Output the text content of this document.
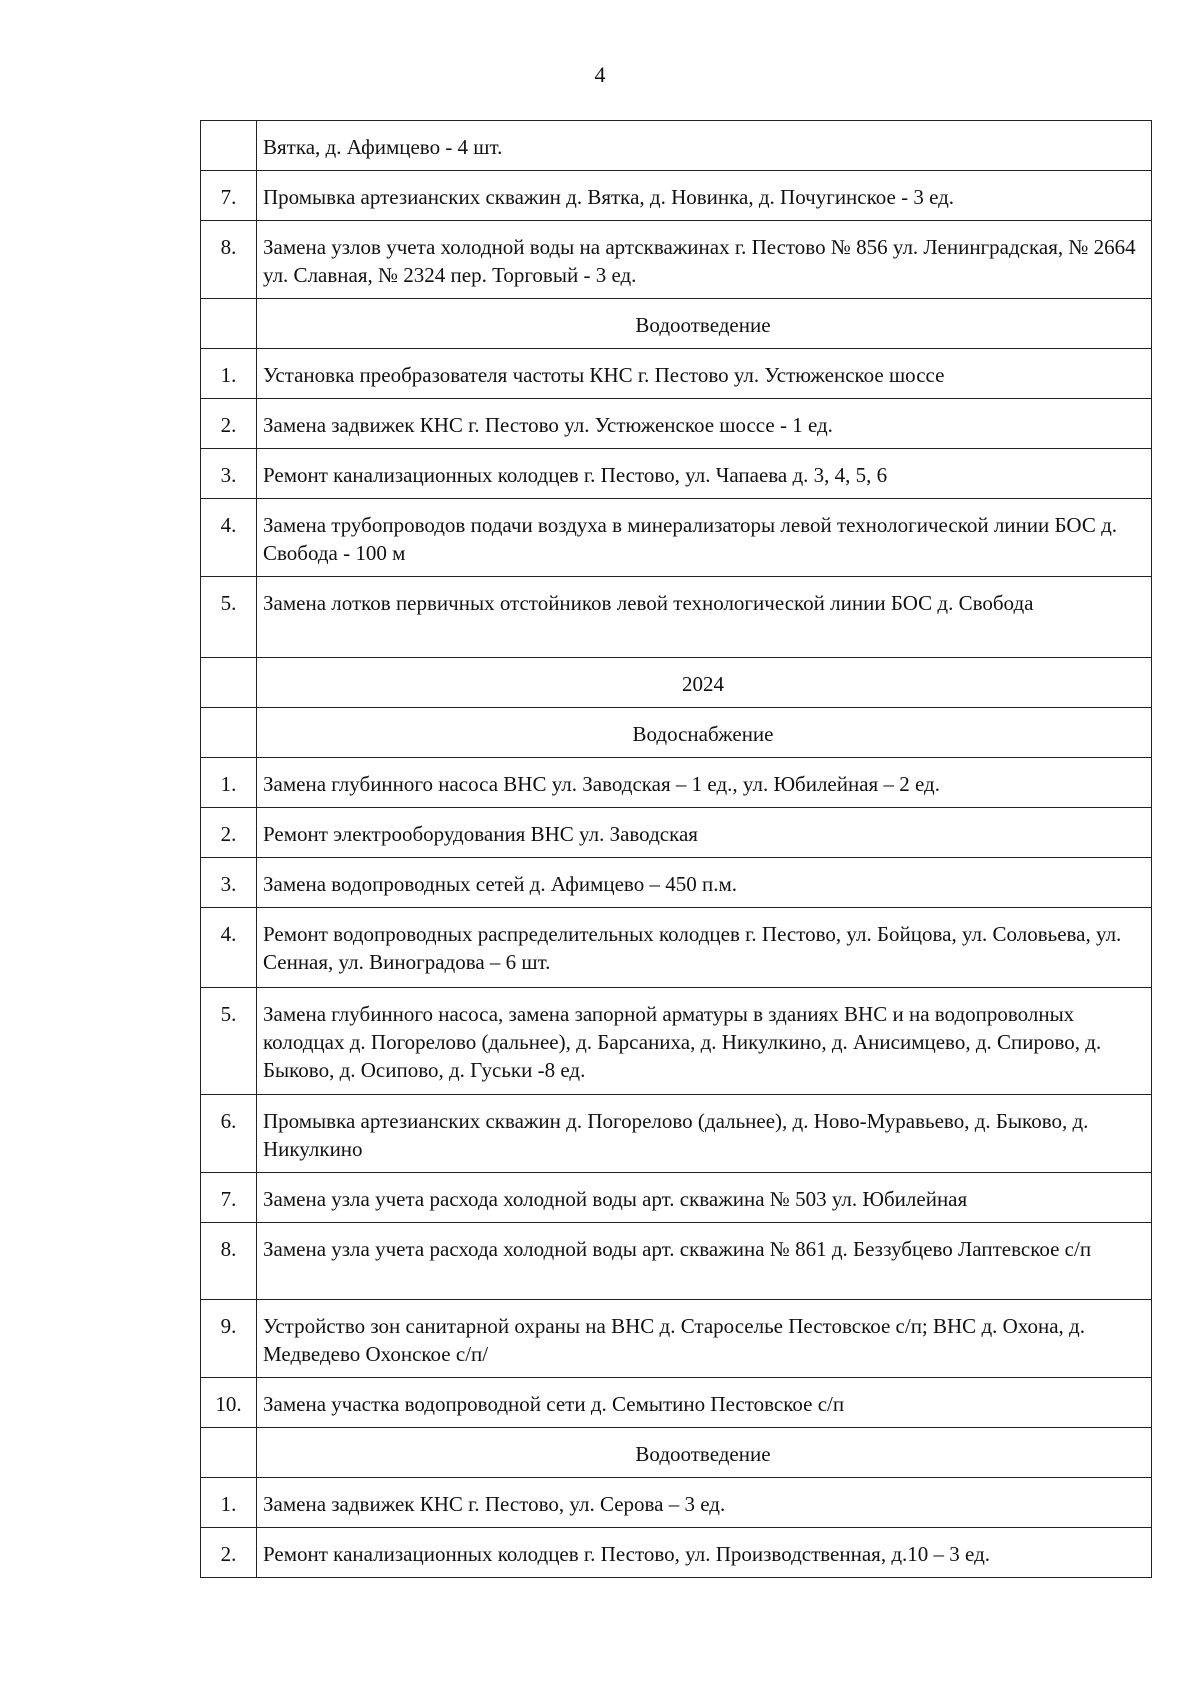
4
	Вятка, д. Афимцево - 4 шт.
7.	Промывка артезианских скважин д. Вятка, д. Новинка, д. Почугинское - 3 ед.
8.	Замена узлов учета холодной воды на артскважинах г. Пестово № 856 ул. Ленинградская, № 2664 ул. Славная, № 2324 пер. Торговый - 3 ед.
	Водоотведение
1.	Установка преобразователя частоты КНС г. Пестово ул. Устюженское шоссе
2.	Замена задвижек КНС г. Пестово ул. Устюженское шоссе - 1 ед.
3.	Ремонт канализационных колодцев г. Пестово, ул. Чапаева д. 3, 4, 5, 6
4.	Замена трубопроводов подачи воздуха в минерализаторы левой технологической линии БОС д. Свобода - 100 м
5.	Замена лотков первичных отстойников левой технологической линии БОС д. Свобода
	2024
	Водоснабжение
1.	Замена глубинного насоса ВНС ул. Заводская – 1 ед., ул. Юбилейная – 2 ед.
2.	Ремонт электрооборудования ВНС ул. Заводская
3.	Замена водопроводных сетей д. Афимцево – 450 п.м.
4.	Ремонт водопроводных распределительных колодцев г. Пестово, ул. Бойцова, ул. Соловьева, ул. Сенная, ул. Виноградова – 6 шт.
5.	Замена глубинного насоса, замена запорной арматуры в зданиях ВНС и на водопроволных колодцах д. Погорелово (дальнее), д. Барсаниха, д. Никулкино, д. Анисимцево, д. Спирово, д. Быково, д. Осипово, д. Гуськи -8 ед.
6.	Промывка артезианских скважин д. Погорелово (дальнее), д. Ново-Муравьево, д. Быково, д. Никулкино
7.	Замена узла учета расхода холодной воды арт. скважина № 503 ул. Юбилейная
8.	Замена узла учета расхода холодной воды арт. скважина № 861 д. Беззубцево Лаптевское с/п
9.	Устройство зон санитарной охраны на ВНС д. Староселье Пестовское с/п; ВНС д. Охона, д. Медведево Охонское с/п/
10.	Замена участка водопроводной сети д. Семытино Пестовское с/п
	Водоотведение
1.	Замена задвижек КНС г. Пестово, ул. Серова – 3 ед.
2.	Ремонт канализационных колодцев г. Пестово, ул. Производственная, д.10 – 3 ед.
